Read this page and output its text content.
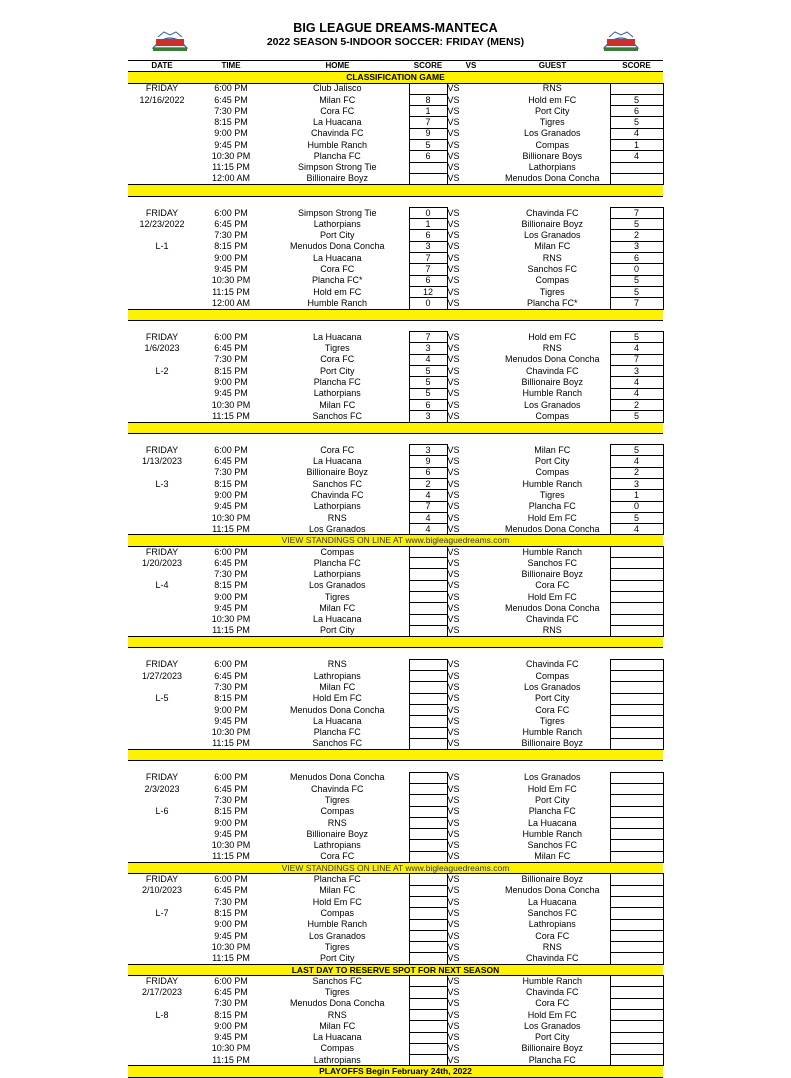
BIG LEAGUE DREAMS-MANTECA
2022 SEASON 5-INDOOR SOCCER: FRIDAY (MENS)
DATE	TIME	HOME	SCORE	VS	GUEST	SCORE
CLASSIFICATION GAME						
FRIDAY	6:00 PM	Club Jalisco		VS	RNS	
12/16/2022	6:45 PM	Milan FC	8	VS	Hold em FC	5
	7:30 PM	Cora FC	1	VS	Port City	6
	8:15 PM	La Huacana	7	VS	Tigres	5
	9:00 PM	Chavinda FC	9	VS	Los Granados	4
	9:45 PM	Humble Ranch	5	VS	Compas	1
	10:30 PM	Plancha FC	6	VS	Billionare Boys	4
	11:15 PM	Simpson Strong Tie		VS	Lathorpians	
	12:00 AM	Billionaire Boyz		VS	Menudos Dona Concha	

FRIDAY	6:00 PM	Simpson Strong Tie	0	VS	Chavinda FC	7
12/23/2022	6:45 PM	Lathorpians	1	VS	Billionaire Boyz	5
	7:30 PM	Port City	6	VS	Los Granados	2
L-1	8:15 PM	Menudos Dona Concha	3	VS	Milan FC	3
	9:00 PM	La Huacana	7	VS	RNS	6
	9:45 PM	Cora FC	7	VS	Sanchos FC	0
	10:30 PM	Plancha FC*	6	VS	Compas	5
	11:15 PM	Hold em FC	12	VS	Tigres	5
	12:00 AM	Humble Ranch	0	VS	Plancha FC*	7

FRIDAY	6:00 PM	La Huacana	7	VS	Hold em FC	5
1/6/2023	6:45 PM	Tigres	3	VS	RNS	4
	7:30 PM	Cora FC	4	VS	Menudos Dona Concha	7
L-2	8:15 PM	Port City	5	VS	Chavinda FC	3
	9:00 PM	Plancha FC	5	VS	Billionaire Boyz	4
	9:45 PM	Lathorpians	5	VS	Humble Ranch	4
	10:30 PM	Milan FC	6	VS	Los Granados	2
	11:15 PM	Sanchos FC	3	VS	Compas	5

FRIDAY	6:00 PM	Cora FC	3	VS	Milan FC	5
1/13/2023	6:45 PM	La Huacana	9	VS	Port City	4
	7:30 PM	Billionaire Boyz	6	VS	Compas	2
L-3	8:15 PM	Sanchos FC	2	VS	Humble Ranch	3
	9:00 PM	Chavinda FC	4	VS	Tigres	1
	9:45 PM	Lathorpians	7	VS	Plancha FC	0
	10:30 PM	RNS	4	VS	Hold Em FC	5
	11:15 PM	Los Granados	4	VS	Menudos Dona Concha	4
VIEW STANDINGS ON LINE AT www.bigleaguedreams.com						
FRIDAY	6:00 PM	Compas		VS	Humble Ranch	
1/20/2023	6:45 PM	Plancha FC		VS	Sanchos FC	
	7:30 PM	Lathorpians		VS	Billionaire Boyz	
L-4	8:15 PM	Los Granados		VS	Cora FC	
	9:00 PM	Tigres		VS	Hold Em FC	
	9:45 PM	Milan FC		VS	Menudos Dona Concha	
	10:30 PM	La Huacana		VS	Chavinda FC	
	11:15 PM	Port City		VS	RNS	

FRIDAY	6:00 PM	RNS		VS	Chavinda FC	
1/27/2023	6:45 PM	Lathropians		VS	Compas	
	7:30 PM	Milan FC		VS	Los Granados	
L-5	8:15 PM	Hold Em FC		VS	Port City	
	9:00 PM	Menudos Dona Concha		VS	Cora FC	
	9:45 PM	La Huacana		VS	Tigres	
	10:30 PM	Plancha FC		VS	Humble Ranch	
	11:15 PM	Sanchos FC		VS	Billionaire Boyz	

FRIDAY	6:00 PM	Menudos Dona Concha		VS	Los Granados	
2/3/2023	6:45 PM	Chavinda FC		VS	Hold Em FC	
	7:30 PM	Tigres		VS	Port City	
L-6	8:15 PM	Compas		VS	Plancha FC	
	9:00 PM	RNS		VS	La Huacana	
	9:45 PM	Billionaire Boyz		VS	Humble Ranch	
	10:30 PM	Lathropians		VS	Sanchos FC	
	11:15 PM	Cora FC		VS	Milan FC	
VIEW STANDINGS ON LINE AT www.bigleaguedreams.com						
FRIDAY	6:00 PM	Plancha FC		VS	Billionaire Boyz	
2/10/2023	6:45 PM	Milan FC		VS	Menudos Dona Concha	
	7:30 PM	Hold Em FC		VS	La Huacana	
L-7	8:15 PM	Compas		VS	Sanchos FC	
	9:00 PM	Humble Ranch		VS	Lathropians	
	9:45 PM	Los Granados		VS	Cora FC	
	10:30 PM	Tigres		VS	RNS	
	11:15 PM	Port City		VS	Chavinda FC	
LAST DAY TO RESERVE SPOT FOR NEXT SEASON						
FRIDAY	6:00 PM	Sanchos FC		VS	Humble Ranch	
2/17/2023	6:45 PM	Tigres		VS	Chavinda FC	
	7:30 PM	Menudos Dona Concha		VS	Cora FC	
L-8	8:15 PM	RNS		VS	Hold Em FC	
	9:00 PM	Milan FC		VS	Los Granados	
	9:45 PM	La Huacana		VS	Port City	
	10:30 PM	Compas		VS	Billionaire Boyz	
	11:15 PM	Lathropians		VS	Plancha FC	
PLAYOFFS Begin February 24th, 2022						
